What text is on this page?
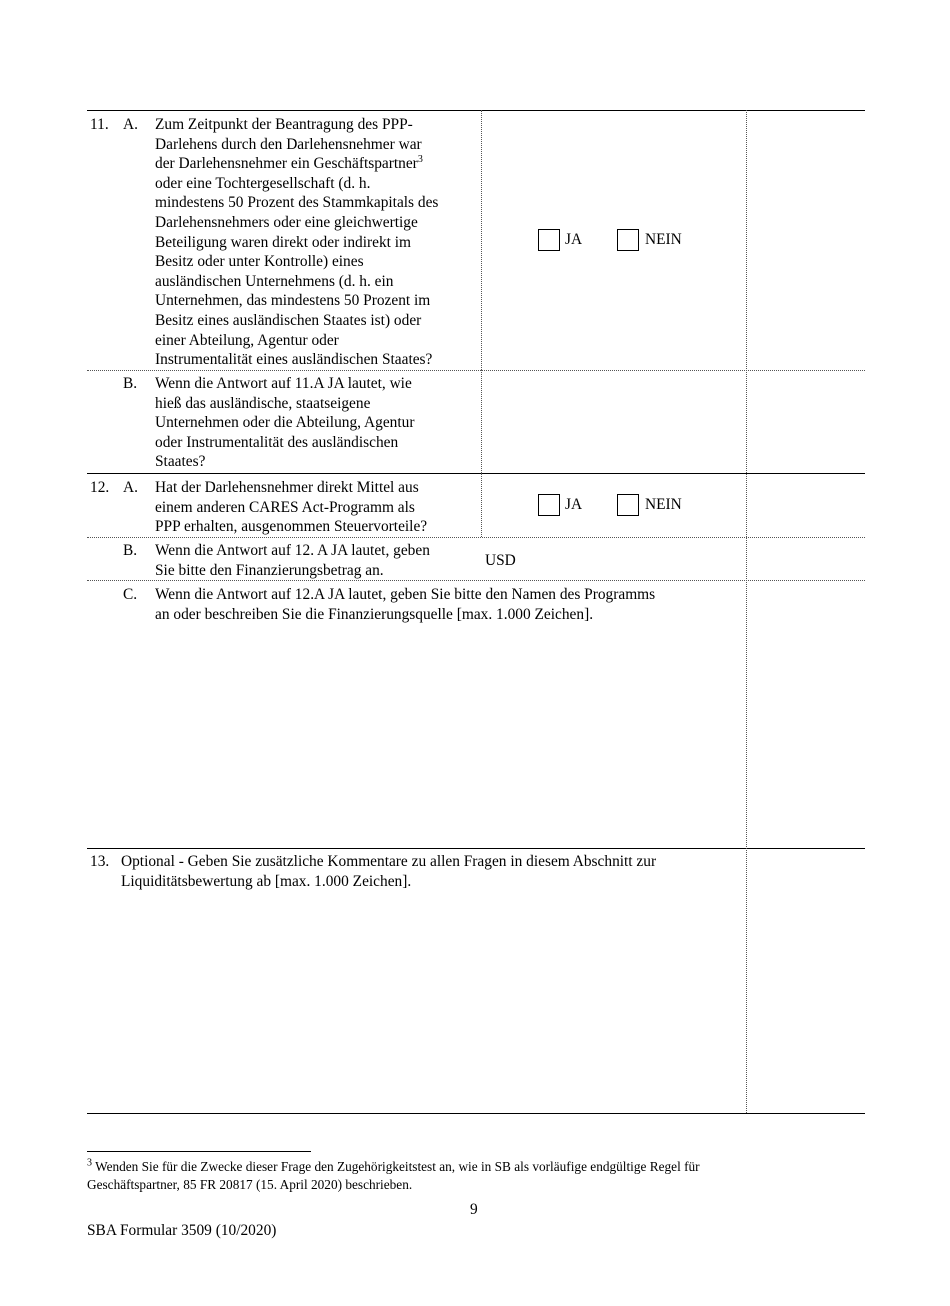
11. A. Zum Zeitpunkt der Beantragung des PPP-
Darlehens durch den Darlehensnehmer war
der Darlehensnehmer ein Geschäftspartner$^3$
oder eine Tochtergesellschaft (d. h.
mindestens 50 Prozent des Stammkapitals des
Darlehensnehmers oder eine gleichwertige
Beteiligung waren direkt oder indirekt im
Besitz oder unter Kontrolle) eines
ausländischen Unternehmens (d. h. ein
Unternehmen, das mindestens 50 Prozent im
Besitz eines ausländischen Staates ist) oder
einer Abteilung, Agentur oder
Instrumentalität eines ausländischen Staates?
JA	NEIN
B. Wenn die Antwort auf 11.A JA lautet, wie
hieß das ausländische, staatseigene
Unternehmen oder die Abteilung, Agentur
oder Instrumentalität des ausländischen
Staates?
12. A. Hat der Darlehensnehmer direkt Mittel aus
einem anderen CARES Act-Programm als
PPP erhalten, ausgenommen Steuervorteile?
JA	NEIN
B. Wenn die Antwort auf 12. A JA lautet, geben
Sie bitte den Finanzierungsbetrag an.
USD
C. Wenn die Antwort auf 12.A JA lautet, geben Sie bitte den Namen des Programms
an oder beschreiben Sie die Finanzierungsquelle [max. 1.000 Zeichen].
13. Optional - Geben Sie zusätzliche Kommentare zu allen Fragen in diesem Abschnitt zur
Liquiditätsbewertung ab [max. 1.000 Zeichen].
$^3$ Wenden Sie für die Zwecke dieser Frage den Zugehörigkeitstest an, wie in SB als vorläufige endgültige Regel für
Geschäftspartner, 85 FR 20817 (15. April 2020) beschrieben.
9
SBA Formular 3509 (10/2020)
